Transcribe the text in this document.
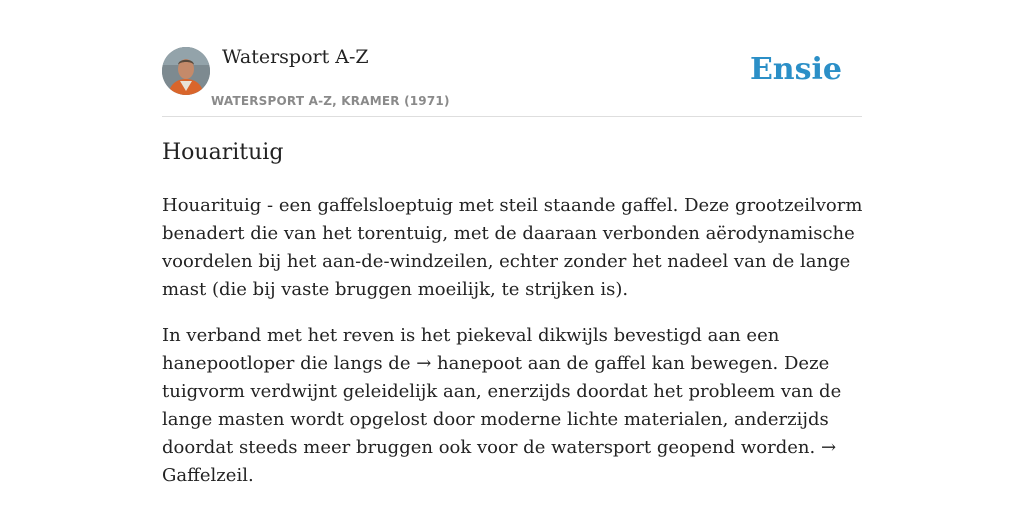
Watersport A-Z
WATERSPORT A-Z, KRAMER (1971)
Ensie
Houarituig

Houarituig - een gaffelsloeptuig met steil staande gaffel. Deze grootzeilvorm benadert die van het torentuig, met de daaraan verbonden aërodynamische voordelen bij het aan-de-windzeilen, echter zonder het nadeel van de lange mast (die bij vaste bruggen moeilijk, te strijken is).

In verband met het reven is het piekeval dikwijls bevestigd aan een hanepootloper die langs de → hanepoot aan de gaffel kan bewegen. Deze tuigvorm verdwijnt geleidelijk aan, enerzijds doordat het probleem van de lange masten wordt opgelost door moderne lichte materialen, anderzijds doordat steeds meer bruggen ook voor de watersport geopend worden. → Gaffelzeil.
